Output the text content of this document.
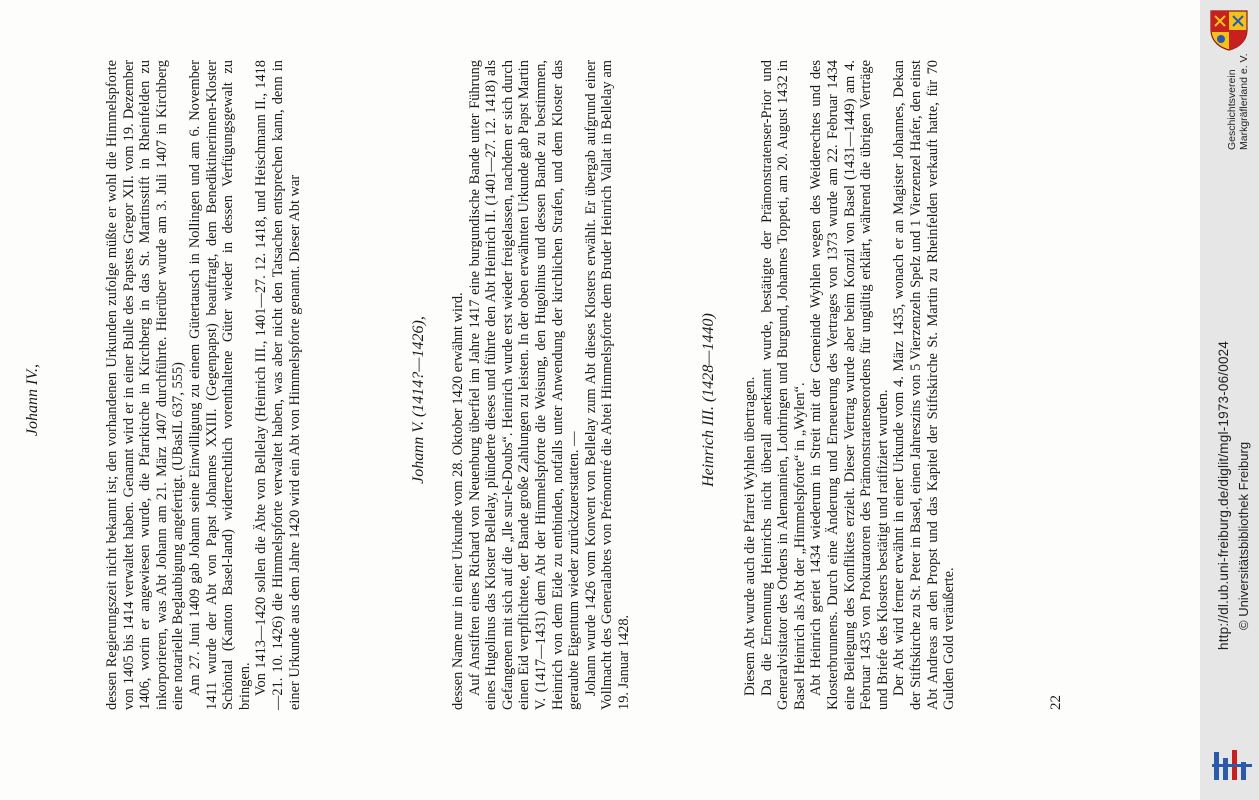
Johann IV.,	dessen Regierungszeit nicht bekannt ist; den vorhandenen Urkunden zufolge müßte er wohl die Himmelspforte von 1405 bis 1414 verwaltet haben. Genannt wird er in einer Bulle des Papstes Gregor XII. vom 19. Dezember 1406, worin er angewiesen wurde, die Pfarrkirche in Kirchberg in das St. Martinsstift in Rheinfelden zu inkorporieren, was Abt Johann am 21. März 1407 durchführte. Hierüber wurde am 3. Juli 1407 in Kirchberg eine notarielle Beglaubigung angefertigt. (UBasIL 637, 555) Am 27. Juni 1409 gab Johann seine Einwilligung zu einem Gütertausch in Nollingen und am 6. November 1411 wurde der Abt von Papst Johannes XXIII. (Gegenpapst) beauftragt, dem Benediktinerinnen-Kloster Schöntal (Kanton Basel-land) widerrechtlich vorenthaltene Güter wieder in dessen Verfügungsgewalt zu bringen. Von 1413—1420 sollen die Äbte von Bellelay (Heinrich III., 1401—27. 12. 1418, und Heischmann II., 1418—21. 10. 1426) die Himmelspforte verwaltet haben, was aber nicht den Tatsachen entsprechen kann, denn in einer Urkunde aus dem Jahre 1420 wird ein Abt von Himmelspforte genannt. Dieser Abt war	Johann V. (1414?—1426), dessen Name nur in einer Urkunde vom 28. Oktober 1420 erwähnt wird. Auf Anstiften eines Richard von Neuenburg überfiel im Jahre 1417 eine burgundische Bande unter Führung eines Hugolinus das Kloster Bellelay, plünderte dieses und führte den Abt Heinrich II. (1401—27. 12. 1418) als Gefangenen mit sich auf die „Ile sur-le-Doubs“. Heinrich wurde erst wieder freigelassen, nachdem er sich durch einen Eid verpflichtete, der Bande große Zahlungen zu leisten. In der oben erwähnten Urkunde gab Papst Martin V. (1417—1431) dem Abt der Himmelspforte die Weisung, den Hugolinus und dessen Bande zu bestimmen, Heinrich von dem Eide zu entbinden, notfalls unter Anwendung der kirchlichen Strafen, und dem Kloster das geraubte Eigentum wieder zurückzuerstatten. — Johann wurde 1426 vom Konvent von Bellelay zum Abt dieses Klosters erwählt. Er übergab aufgrund einer Vollmacht des Generalabtes von Prémontré die Abtei Himmelspforte dem Bruder Heinrich Vallat in Bellelay am 19. Januar 1428.

Heinrich III. (1428—1440) Diesem Abt wurde auch die Pfarrei Wyhlen übertragen. Da die Ernennung Heinrichs nicht überall anerkannt wurde, bestätigte der Prämonstratenser-Prior und Generalvisitator des Ordens in Alemannien, Lothringen und Burgund, Johannes Toppeti, am 20. August 1432 in Basel Heinrich als Abt der „Himmelspforte“ in „Wylen“. Abt Heinrich geriet 1434 wiederum in Streit mit der Gemeinde Wyhlen wegen des Weiderechtes und des Klosterbrunnens. Durch eine Änderung und Erneuerung des Vertrages von 1373 wurde am 22. Februar 1434 eine Beilegung des Konfliktes erzielt. Dieser Vertrag wurde aber beim Konzil von Basel (1431—1449) am 4. Februar 1435 von Prokuratoren des Prämonstratenserordens für ungültig erklärt, während die übrigen Verträge und Briefe des Klosters bestätigt und ratifiziert wurden. Der Abt wird ferner erwähnt in einer Urkunde vom 4. März 1435, wonach er an Magister Johannes, Dekan der Stiftskirche zu St. Peter in Basel, einen Jahreszins von 5 Vierzenzeln Spelz und 1 Vierzenzel Hafer, den einst Abt Andreas an den Propst und das Kapitel der Stiftskirche St. Martin zu Rheinfelden verkauft hatte, für 70 Gulden Gold veräußerte.	22
http://dl.ub.uni-freiburg.de/diglit/mgl-1973-06/0024 © Universitätsbibliothek Freiburg
Geschichtsverein Markgräflerland e. V.
